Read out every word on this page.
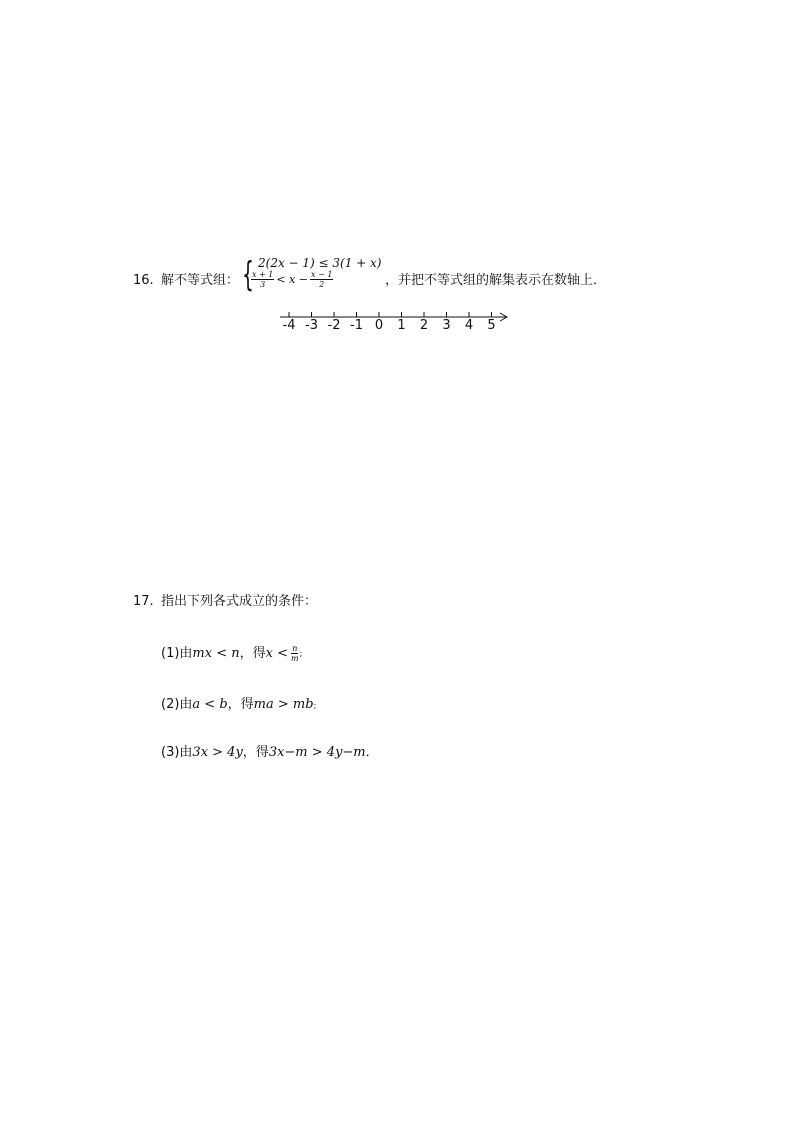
16. 解不等式组： { 2(2x − 1) ≤ 3(1 + x)
$\frac{x + 1}{3} < x - \frac{x - 1}{2}$	，并把不等式组的解集表示在数轴上．
-4 -3 -2 -1 0	1	2	3	4	5
17. 指出下列各式成立的条件：
(1)由 mx < n ，得 $x < \frac{n}{m}$ ;
(2)由a < b，得ma > mb;
(3)由3x > 4y，得3x−m > 4y−m．
